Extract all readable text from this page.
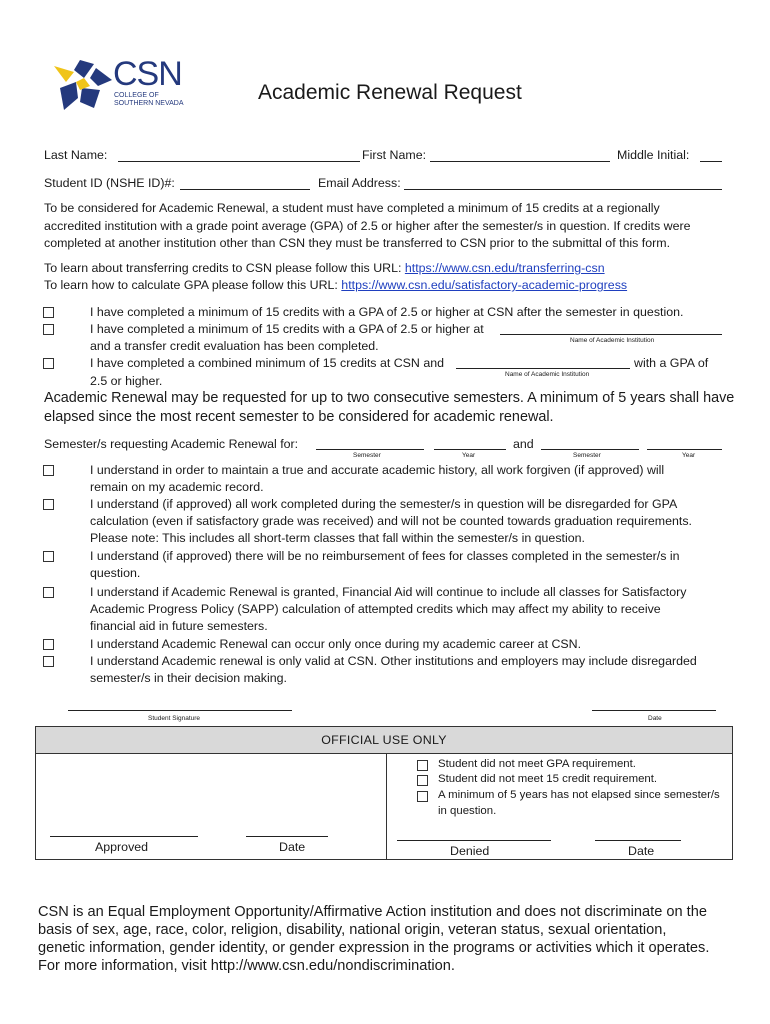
CSN
COLLEGE OF
SOUTHERN NEVADA	Academic Renewal Request
Last Name:	First Name:	Middle Initial:
Student ID (NSHE ID)#:	Email Address:
To be considered for Academic Renewal, a student must have completed a minimum of 15 credits at a regionally
accredited institution with a grade point average (GPA) of 2.5 or higher after the semester/s in question. If credits were
completed at another institution other than CSN they must be transferred to CSN prior to the submittal of this form.
To learn about transferring credits to CSN please follow this URL: https://www.csn.edu/transferring-csn
To learn how to calculate GPA please follow this URL: https://www.csn.edu/satisfactory-academic-progress
I have completed a minimum of 15 credits with a GPA of 2.5 or higher at CSN after the semester in question.
I have completed a minimum of 15 credits with a GPA of 2.5 or higher at
Name of Academic Institution
and a transfer credit evaluation has been completed.
I have completed a combined minimum of 15 credits at CSN and
Name of Academic Institution
with a GPA of
2.5 or higher.
Academic Renewal may be requested for up to two consecutive semesters. A minimum of 5 years shall have
elapsed since the most recent semester to be considered for academic renewal.
Semester/s requesting Academic Renewal for:	and
Semester	Year	Semester	Year
I understand in order to maintain a true and accurate academic history, all work forgiven (if approved) will
remain on my academic record.
I understand (if approved) all work completed during the semester/s in question will be disregarded for GPA
calculation (even if satisfactory grade was received) and will not be counted towards graduation requirements.
Please note: This includes all short-term classes that fall within the semester/s in question.
I understand (if approved) there will be no reimbursement of fees for classes completed in the semester/s in
question.
I understand if Academic Renewal is granted, Financial Aid will continue to include all classes for Satisfactory
Academic Progress Policy (SAPP) calculation of attempted credits which may affect my ability to receive
financial aid in future semesters.
I understand Academic Renewal can occur only once during my academic career at CSN.
I understand Academic renewal is only valid at CSN. Other institutions and employers may include disregarded
semester/s in their decision making.
Student Signature	Date
OFFICIAL USE ONLY
Student did not meet GPA requirement.
Student did not meet 15 credit requirement.
A minimum of 5 years has not elapsed since semester/s
in question.
Approved	Date	Denied	Date
CSN is an Equal Employment Opportunity/Affirmative Action institution and does not discriminate on the
basis of sex, age, race, color, religion, disability, national origin, veteran status, sexual orientation,
genetic information, gender identity, or gender expression in the programs or activities which it operates.
For more information, visit http://www.csn.edu/nondiscrimination.
